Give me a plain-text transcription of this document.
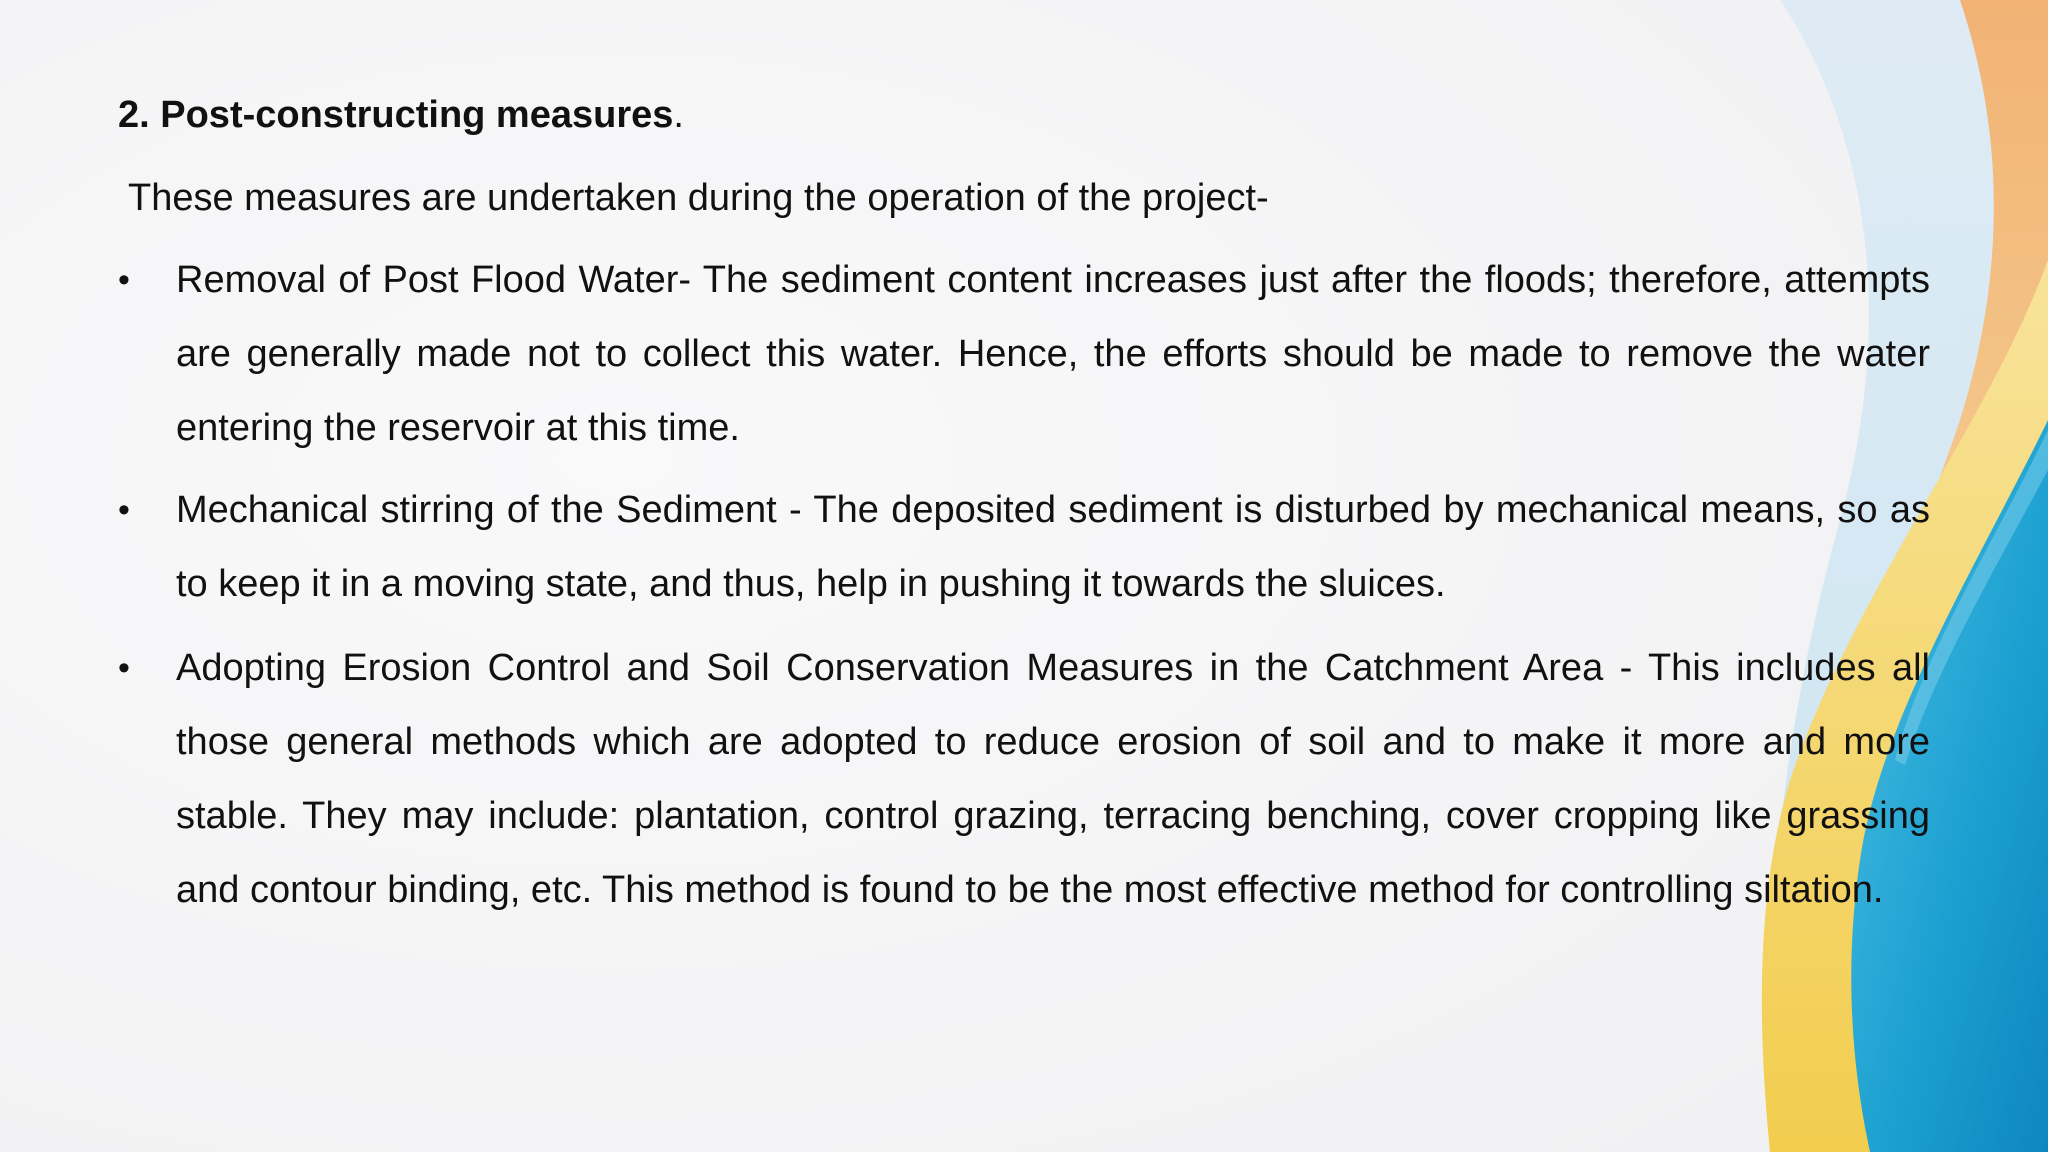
2. Post-constructing measures.
These measures are undertaken during the operation of the project-
•	Removal of Post Flood Water- The sediment content increases just after the floods; therefore, attempts are generally made not to collect this water. Hence, the efforts should be made to remove the water entering the reservoir at this time.
•	Mechanical stirring of the Sediment - The deposited sediment is disturbed by mechanical means, so as to keep it in a moving state, and thus, help in pushing it towards the sluices.
•	Adopting Erosion Control and Soil Conservation Measures in the Catchment Area - This includes all those general methods which are adopted to reduce erosion of soil and to make it more and more stable. They may include: plantation, control grazing, terracing benching, cover cropping like grassing and contour binding, etc. This method is found to be the most effective method for controlling siltation.
